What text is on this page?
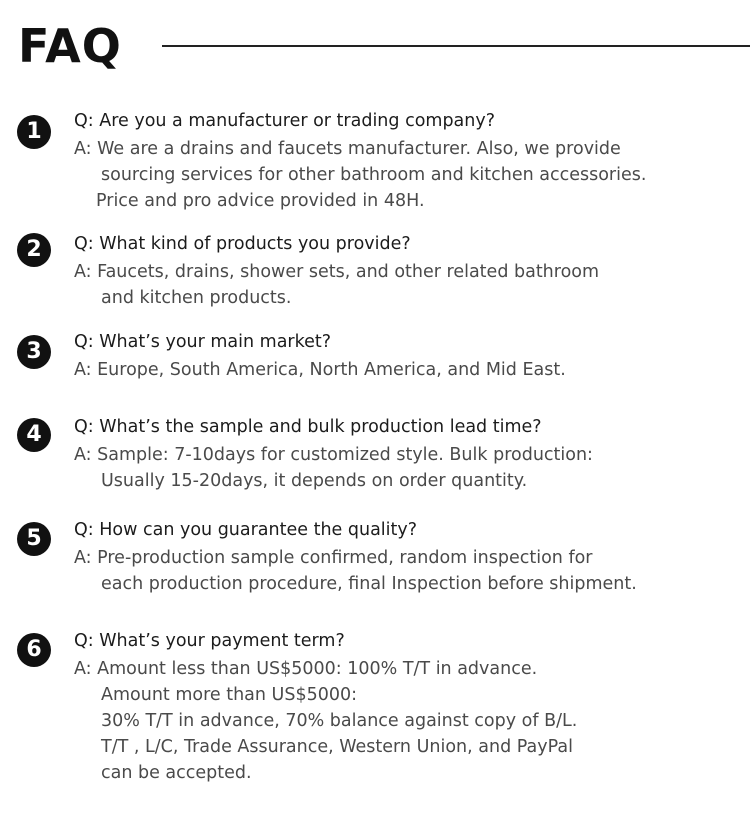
FAQ
1	Q: Are you a manufacturer or trading company?

A: We are a drains and faucets manufacturer. Also, we provide
sourcing services for other bathroom and kitchen accessories.
Price and pro advice provided in 48H.

2	Q: What kind of products you provide?

A: Faucets, drains, shower sets, and other related bathroom
and kitchen products.

3	Q: What’s your main market?

A: Europe, South America, North America, and Mid East.

4	Q: What’s the sample and bulk production lead time?

A: Sample: 7-10days for customized style. Bulk production:
Usually 15-20days, it depends on order quantity.

5	Q: How can you guarantee the quality?

A: Pre-production sample confirmed, random inspection for
each production procedure, final Inspection before shipment.

6	Q: What’s your payment term?

A: Amount less than US$5000: 100% T/T in advance.
Amount more than US$5000:
30% T/T in advance, 70% balance against copy of B/L.
T/T , L/C, Trade Assurance, Western Union, and PayPal
can be accepted.
